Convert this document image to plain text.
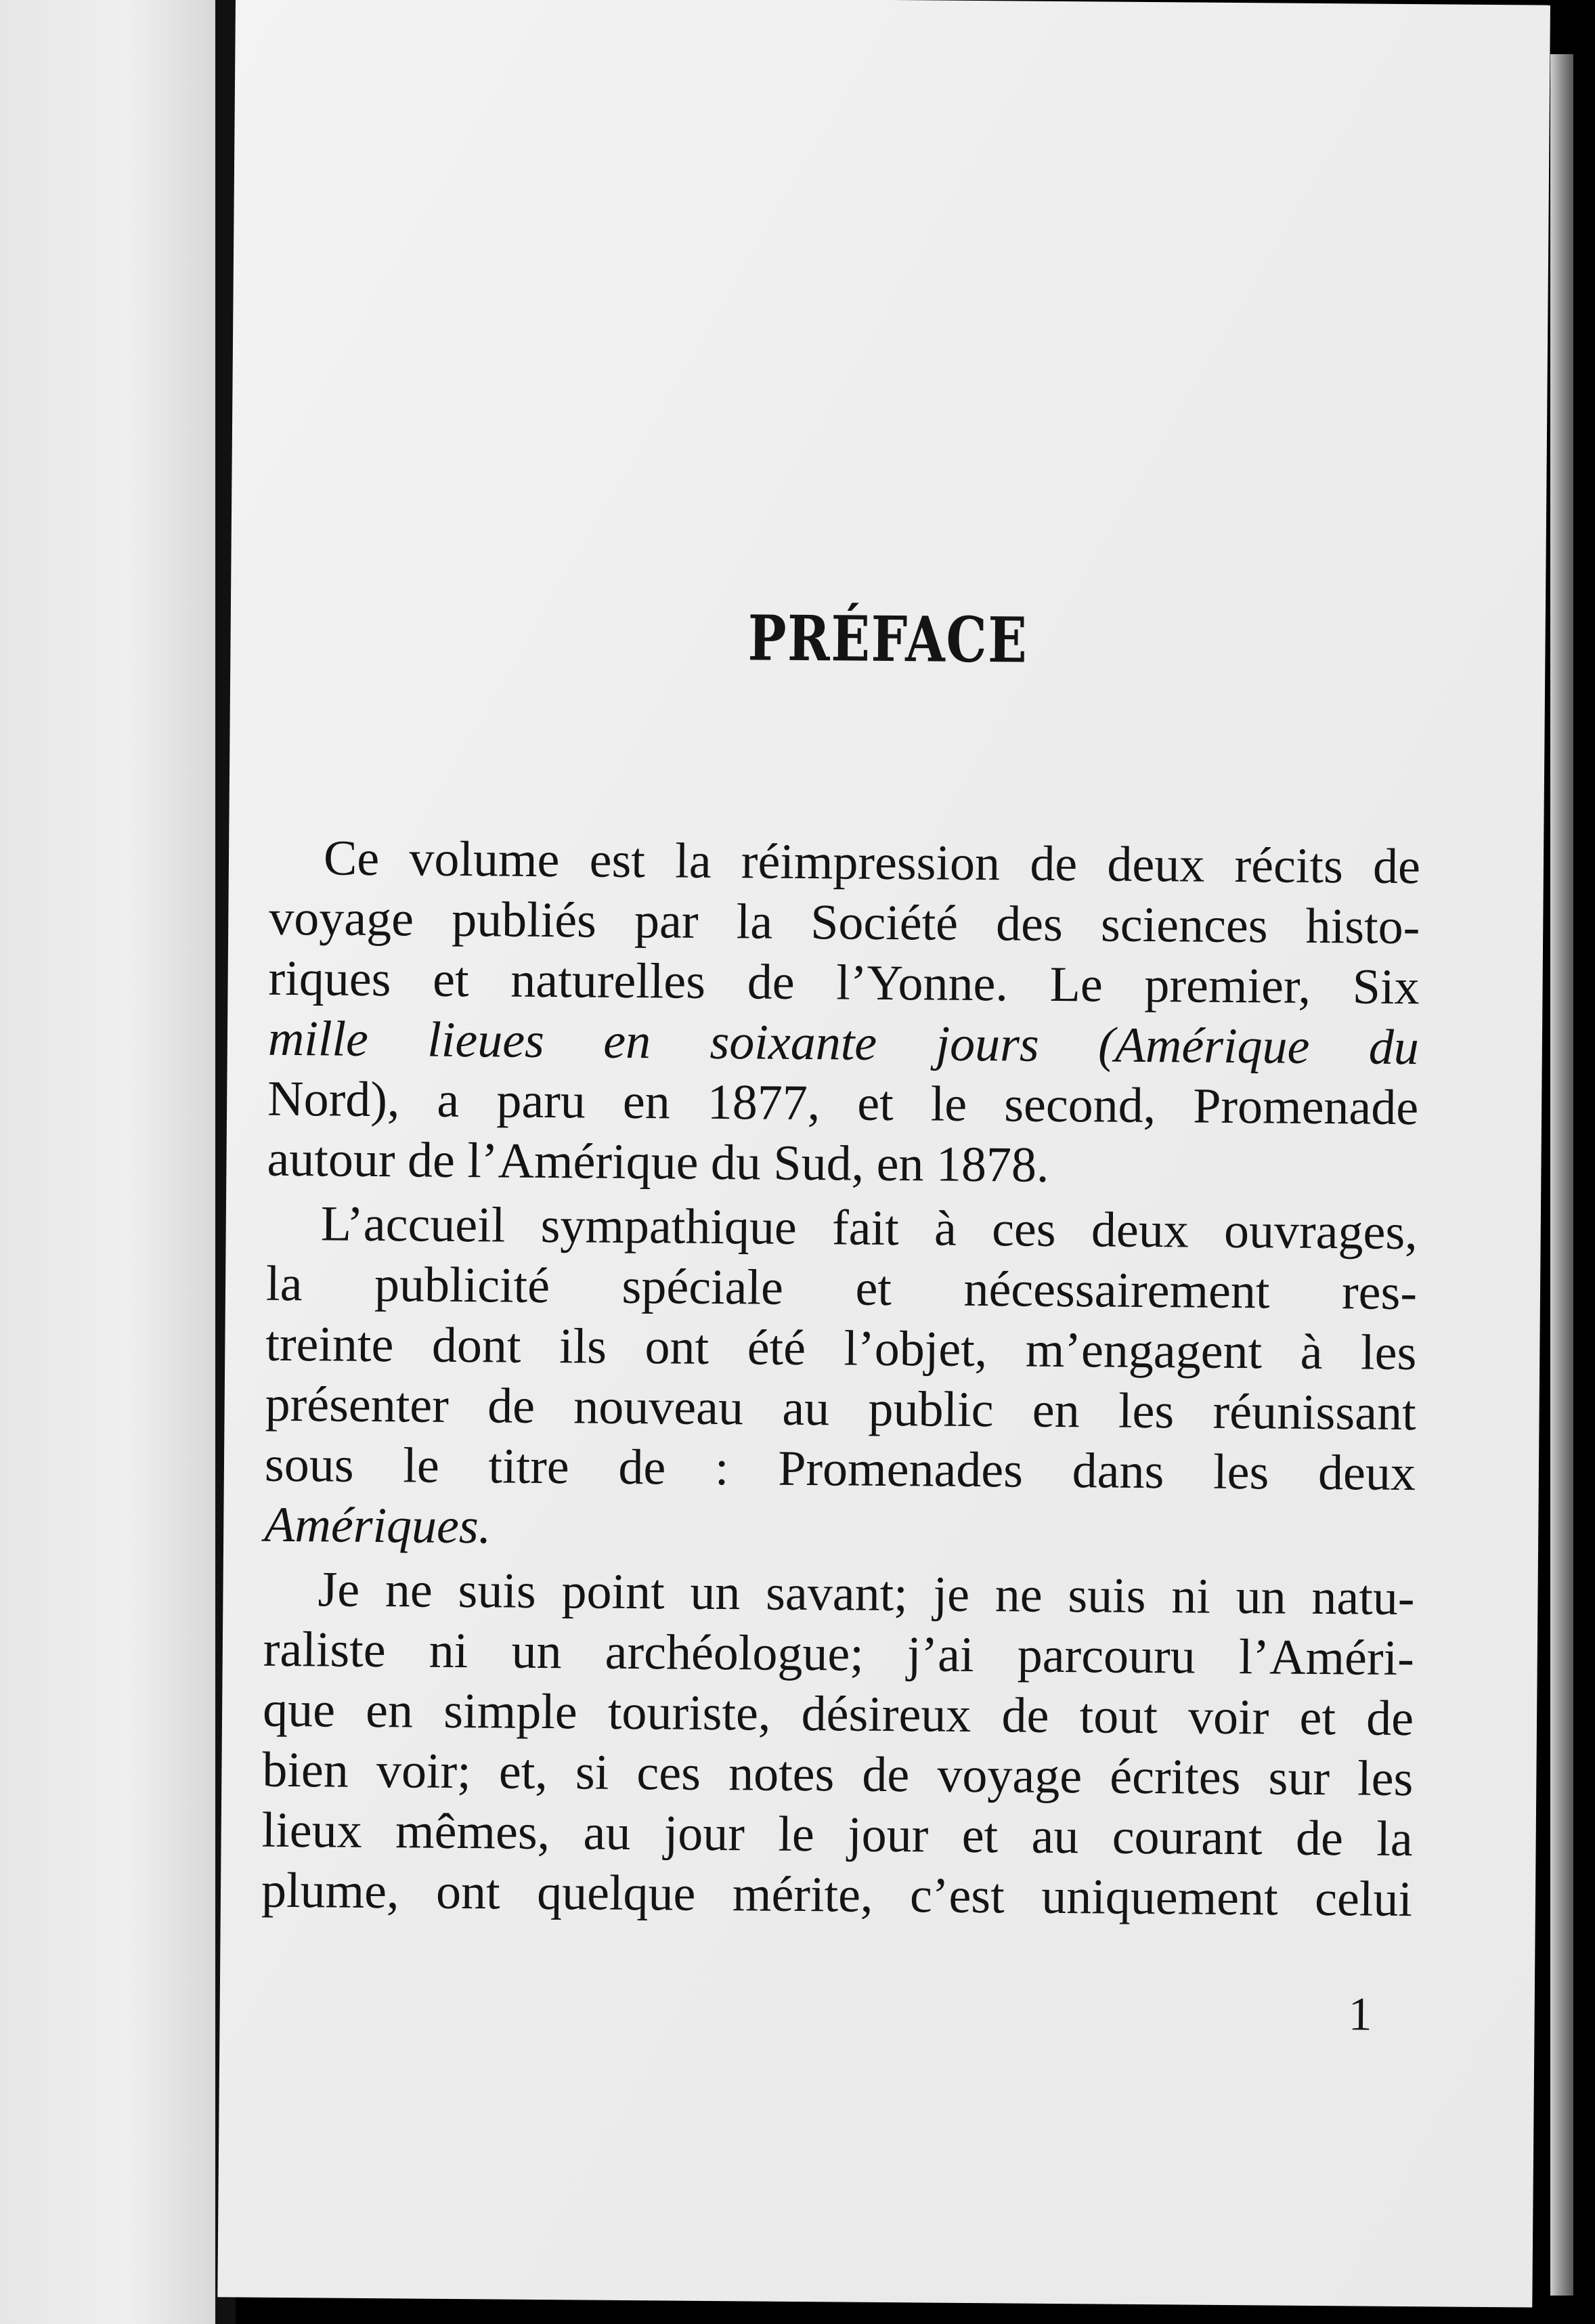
PRÉFACE
Ce volume est la réimpression de deux récits de
voyage publiés par la Société des sciences histo-
riques et naturelles de l’Yonne. Le premier, Six
mille lieues en soixante jours (Amérique du
Nord), a paru en 1877, et le second, Promenade
autour de l’Amérique du Sud, en 1878.
L’accueil sympathique fait à ces deux ouvrages,
la publicité spéciale et nécessairement res-
treinte dont ils ont été l’objet, m’engagent à les
présenter de nouveau au public en les réunissant
sous le titre de : Promenades dans les deux
Amériques.
Je ne suis point un savant; je ne suis ni un natu-
raliste ni un archéologue; j’ai parcouru l’Améri-
que en simple touriste, désireux de tout voir et de
bien voir; et, si ces notes de voyage écrites sur les
lieux mêmes, au jour le jour et au courant de la
plume, ont quelque mérite, c’est uniquement celui
1
